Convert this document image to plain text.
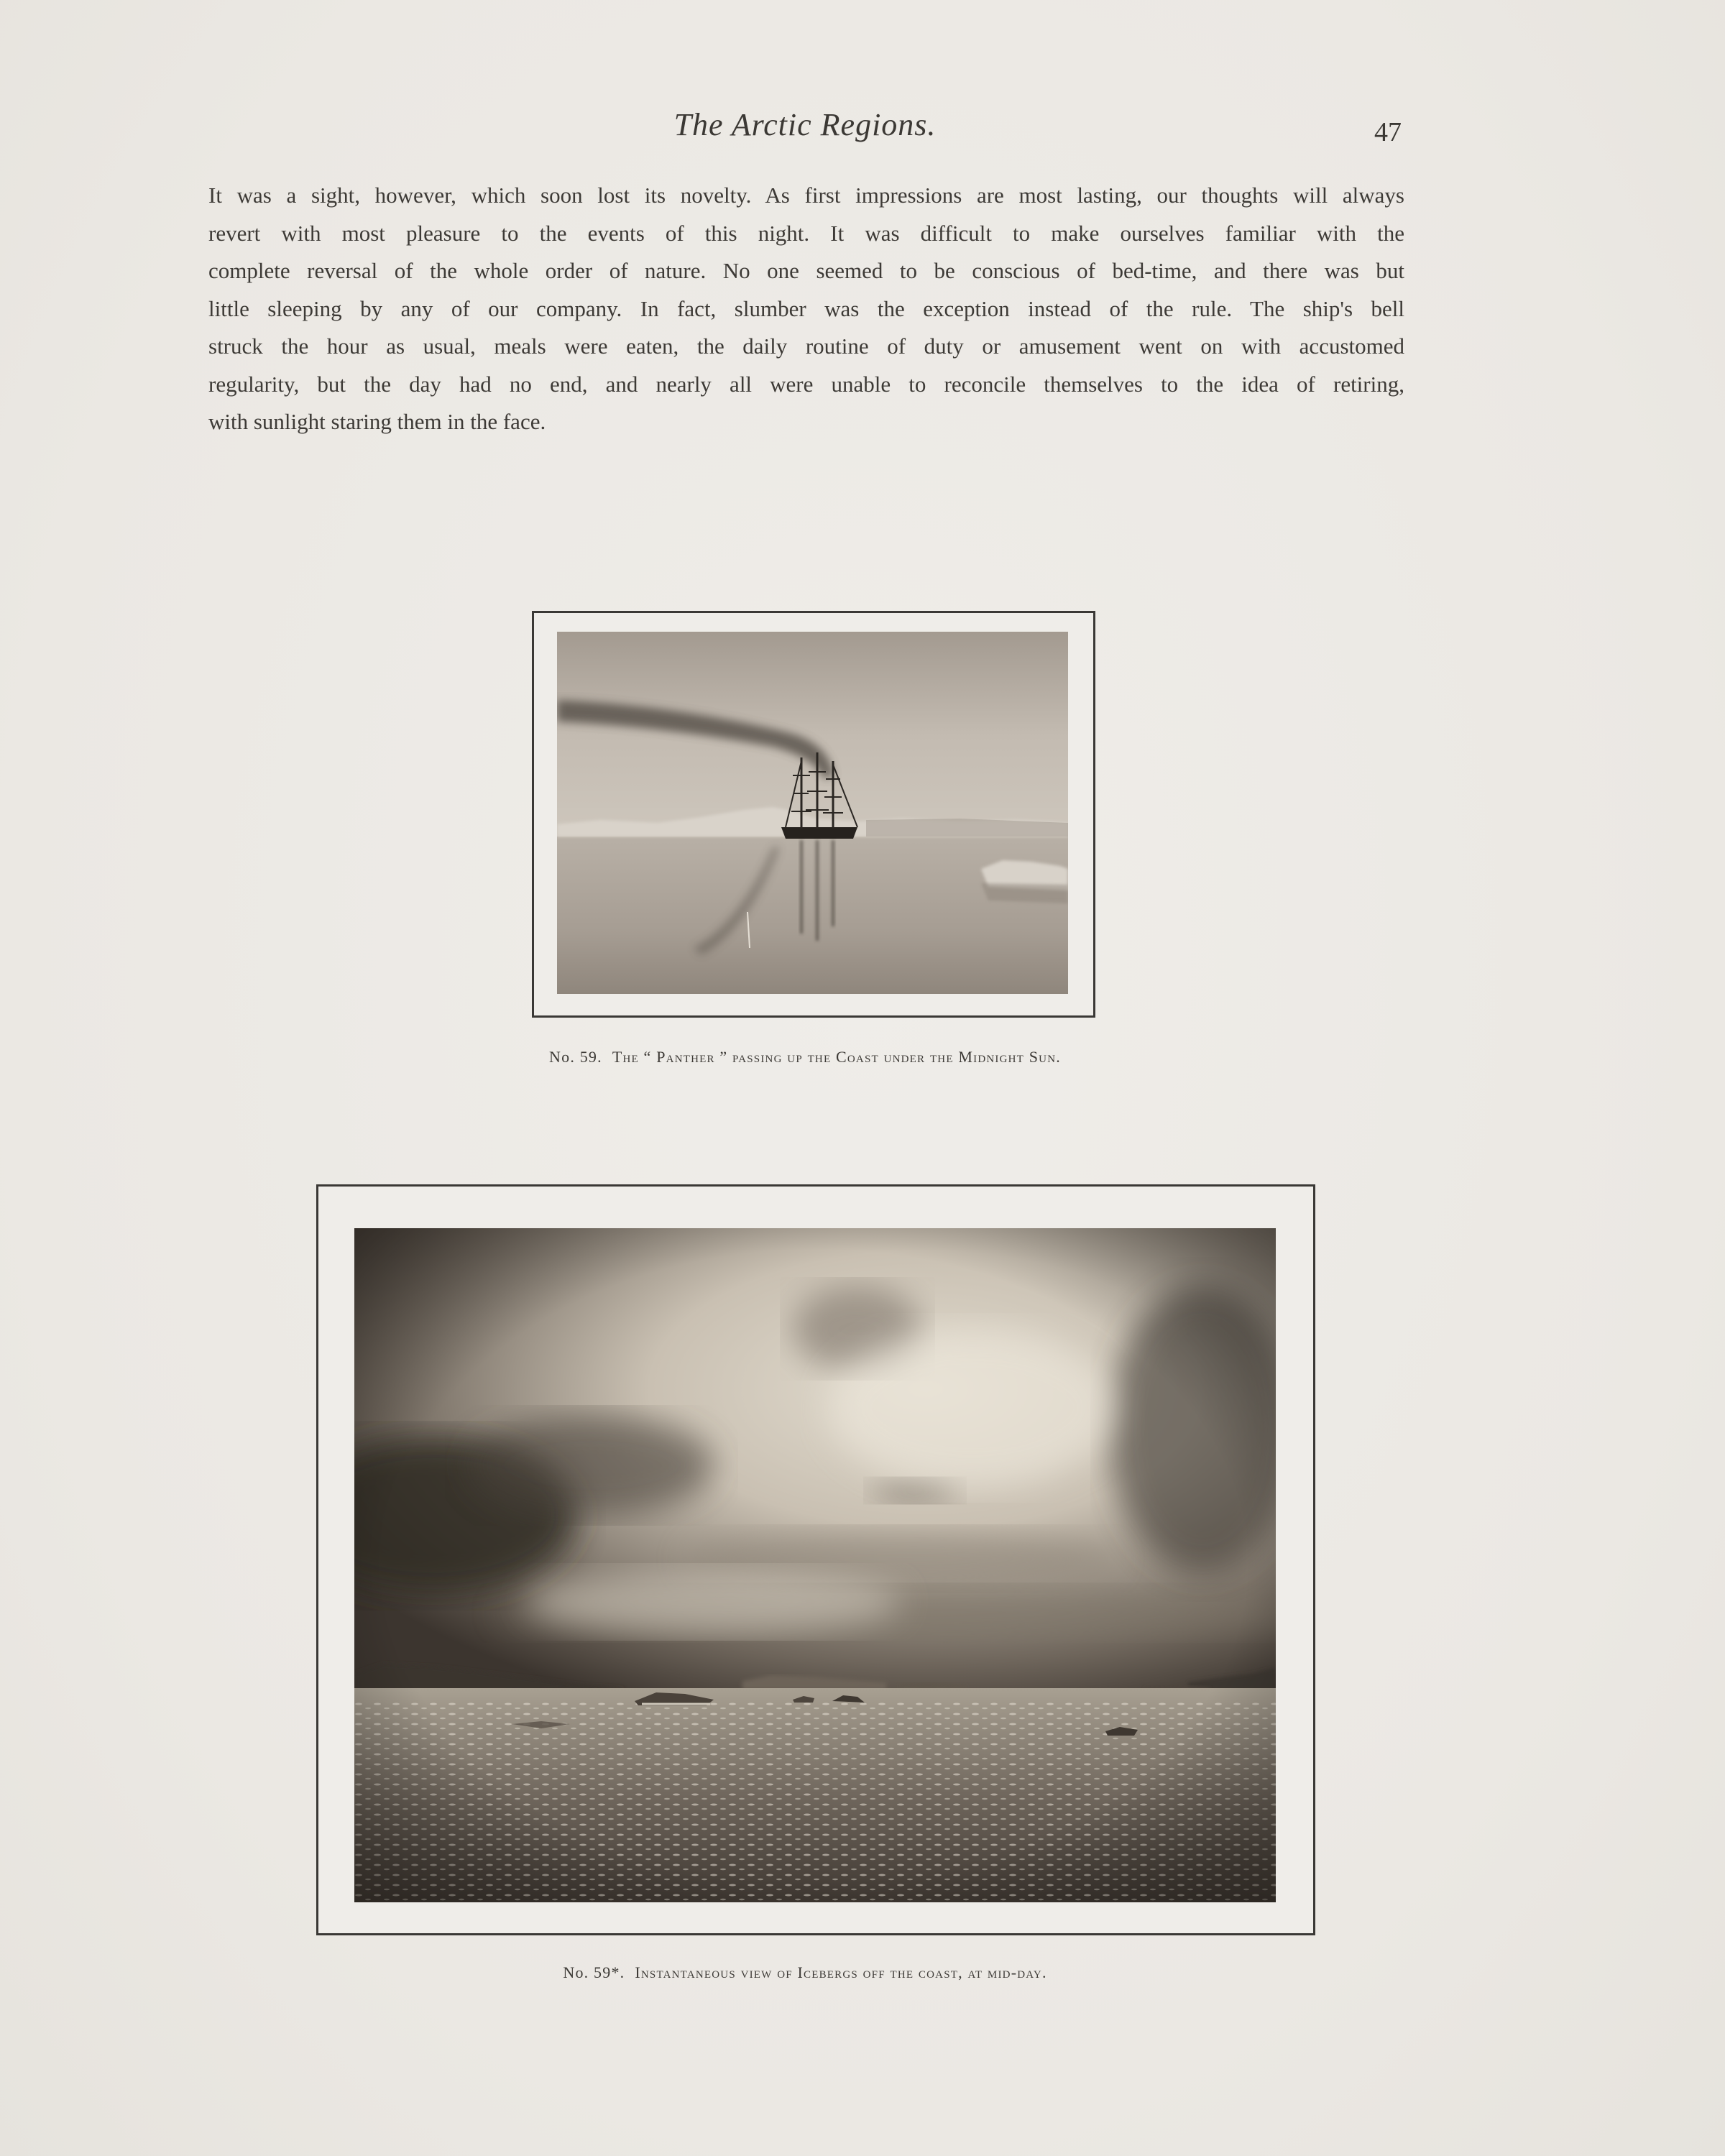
The Arctic Regions.	47
It was a sight, however, which soon lost its novelty. As first impressions are most lasting, our thoughts will always
revert with most pleasure to the events of this night. It was difficult to make ourselves familiar with the
complete reversal of the whole order of nature. No one seemed to be conscious of bed-time, and there was but
little sleeping by any of our company. In fact, slumber was the exception instead of the rule. The ship's bell
struck the hour as usual, meals were eaten, the daily routine of duty or amusement went on with accustomed
regularity, but the day had no end, and nearly all were unable to reconcile themselves to the idea of retiring,
with sunlight staring them in the face.
No. 59. The “ Panther ” passing up the Coast under the Midnight Sun.
No. 59*. Instantaneous view of Icebergs off the coast, at mid-day.
